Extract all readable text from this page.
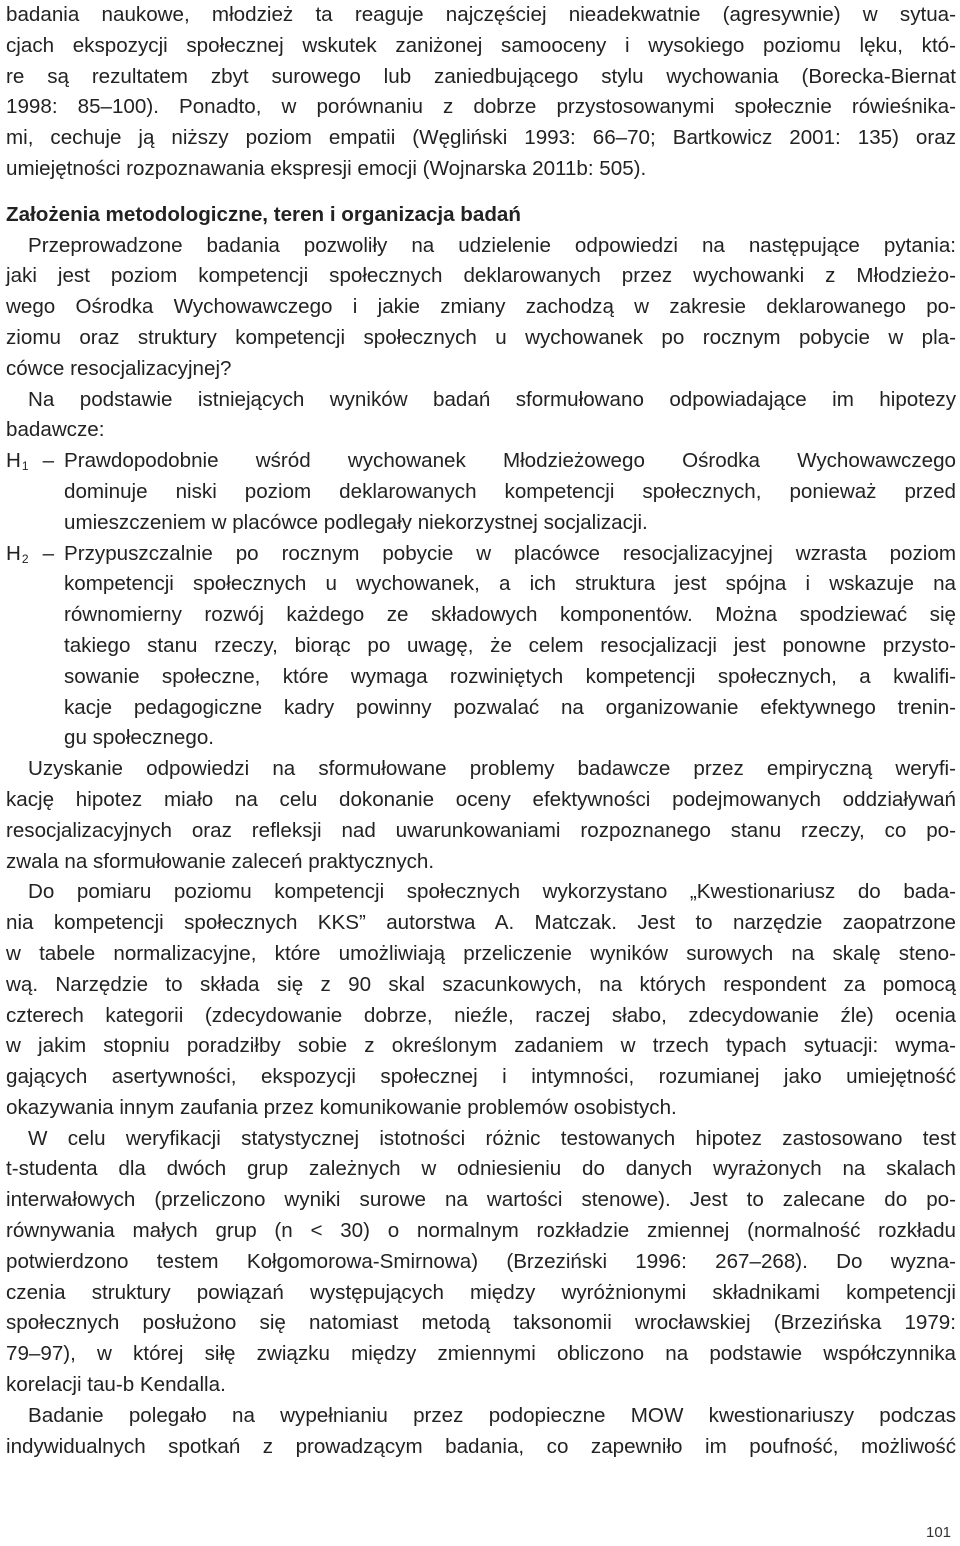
badania naukowe, młodzież ta reaguje najczęściej nieadekwatnie (agresywnie) w sytua-

cjach ekspozycji społecznej wskutek zaniżonej samooceny i wysokiego poziomu lęku, któ-

re są rezultatem zbyt surowego lub zaniedbującego stylu wychowania (Borecka-Biernat

1998: 85–100). Ponadto, w porównaniu z dobrze przystosowanymi społecznie rówieśnika-

mi, cechuje ją niższy poziom empatii (Węgliński 1993: 66–70; Bartkowicz 2001: 135) oraz

umiejętności rozpoznawania ekspresji emocji (Wojnarska 2011b: 505).

Założenia metodologiczne, teren i organizacja badań

Przeprowadzone badania pozwoliły na udzielenie odpowiedzi na następujące pytania:

jaki jest poziom kompetencji społecznych deklarowanych przez wychowanki z Młodzieżo-

wego Ośrodka Wychowawczego i jakie zmiany zachodzą w zakresie deklarowanego po-

ziomu oraz struktury kompetencji społecznych u wychowanek po rocznym pobycie w pla-

cówce resocjalizacyjnej?

Na podstawie istniejących wyników badań sformułowano odpowiadające im hipotezy

badawcze:

$H_1$ – Prawdopodobnie wśród wychowanek Młodzieżowego Ośrodka Wychowawczego

dominuje niski poziom deklarowanych kompetencji społecznych, ponieważ przed

umieszczeniem w placówce podlegały niekorzystnej socjalizacji.

$H_2$ – Przypuszczalnie po rocznym pobycie w placówce resocjalizacyjnej wzrasta poziom

kompetencji społecznych u wychowanek, a ich struktura jest spójna i wskazuje na

równomierny rozwój każdego ze składowych komponentów. Można spodziewać się

takiego stanu rzeczy, biorąc po uwagę, że celem resocjalizacji jest ponowne przysto-

sowanie społeczne, które wymaga rozwiniętych kompetencji społecznych, a kwalifi-

kacje pedagogiczne kadry powinny pozwalać na organizowanie efektywnego trenin-

gu społecznego.

Uzyskanie odpowiedzi na sformułowane problemy badawcze przez empiryczną weryfi-

kację hipotez miało na celu dokonanie oceny efektywności podejmowanych oddziaływań

resocjalizacyjnych oraz refleksji nad uwarunkowaniami rozpoznanego stanu rzeczy, co po-

zwala na sformułowanie zaleceń praktycznych.

Do pomiaru poziomu kompetencji społecznych wykorzystano „Kwestionariusz do bada-

nia kompetencji społecznych KKS” autorstwa A. Matczak. Jest to narzędzie zaopatrzone

w tabele normalizacyjne, które umożliwiają przeliczenie wyników surowych na skalę steno-

wą. Narzędzie to składa się z 90 skal szacunkowych, na których respondent za pomocą

czterech kategorii (zdecydowanie dobrze, nieźle, raczej słabo, zdecydowanie źle) ocenia

w jakim stopniu poradziłby sobie z określonym zadaniem w trzech typach sytuacji: wyma-

gających asertywności, ekspozycji społecznej i intymności, rozumianej jako umiejętność

okazywania innym zaufania przez komunikowanie problemów osobistych.

W celu weryfikacji statystycznej istotności różnic testowanych hipotez zastosowano test

t-studenta dla dwóch grup zależnych w odniesieniu do danych wyrażonych na skalach

interwałowych (przeliczono wyniki surowe na wartości stenowe). Jest to zalecane do po-

równywania małych grup (n < 30) o normalnym rozkładzie zmiennej (normalność rozkładu

potwierdzono testem Kołgomorowa-Smirnowa) (Brzeziński 1996: 267–268). Do wyzna-

czenia struktury powiązań występujących między wyróżnionymi składnikami kompetencji

społecznych posłużono się natomiast metodą taksonomii wrocławskiej (Brzezińska 1979:

79–97), w której siłę związku między zmiennymi obliczono na podstawie współczynnika

korelacji tau-b Kendalla.

Badanie polegało na wypełnianiu przez podopieczne MOW kwestionariuszy podczas

indywidualnych spotkań z prowadzącym badania, co zapewniło im poufność, możliwość

101
